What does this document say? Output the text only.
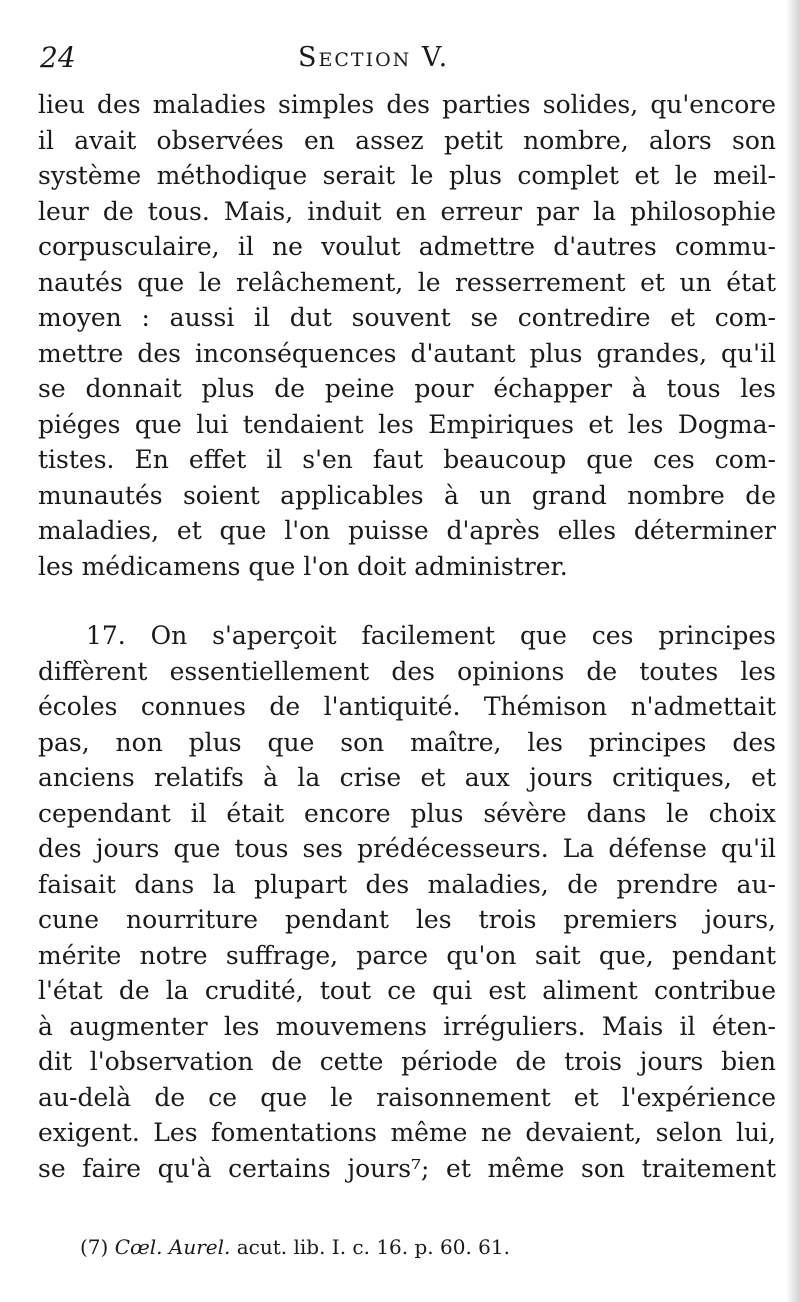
24	Section V.
lieu des maladies simples des parties solides, qu'encore
il avait observées en assez petit nombre, alors son
système méthodique serait le plus complet et le meil-
leur de tous. Mais, induit en erreur par la philosophie
corpusculaire, il ne voulut admettre d'autres commu-
nautés que le relâchement, le resserrement et un état
moyen : aussi il dut souvent se contredire et com-
mettre des inconséquences d'autant plus grandes, qu'il
se donnait plus de peine pour échapper à tous les
piéges que lui tendaient les Empiriques et les Dogma-
tistes. En effet il s'en faut beaucoup que ces com-
munautés soient applicables à un grand nombre de
maladies, et que l'on puisse d'après elles déterminer
les médicamens que l'on doit administrer.
17. On s'aperçoit facilement que ces principes
diffèrent essentiellement des opinions de toutes les
écoles connues de l'antiquité. Thémison n'admettait
pas, non plus que son maître, les principes des
anciens relatifs à la crise et aux jours critiques, et
cependant il était encore plus sévère dans le choix
des jours que tous ses prédécesseurs. La défense qu'il
faisait dans la plupart des maladies, de prendre au-
cune nourriture pendant les trois premiers jours,
mérite notre suffrage, parce qu'on sait que, pendant
l'état de la crudité, tout ce qui est aliment contribue
à augmenter les mouvemens irréguliers. Mais il éten-
dit l'observation de cette période de trois jours bien
au-delà de ce que le raisonnement et l'expérience
exigent. Les fomentations même ne devaient, selon lui,
se faire qu'à certains jours⁷; et même son traitement
(7) Cœl. Aurel. acut. lib. I. c. 16. p. 60. 61.
